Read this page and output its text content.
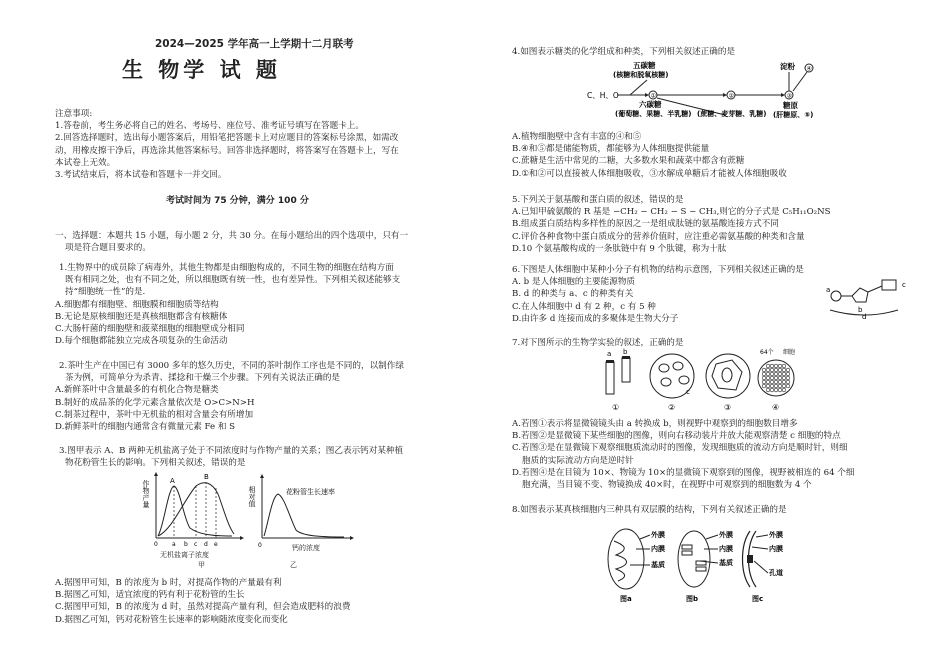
2024—2025 学年高一上学期十二月联考
生 物学 试 题

注意事项:

1.答卷前，考生务必将自己的姓名、考场号、座位号、准考证号填写在答题卡上。

2.回答选择题时，选出每小题答案后，用铅笔把答题卡上对应题目的答案标号涂黑，如需改

动，用橡皮擦干净后，再选涂其他答案标号。回答非选择题时，将答案写在答题卡上，写在

本试卷上无效。

3.考试结束后，将本试卷和答题卡一并交回。

考试时间为 75 分钟，满分 100 分

一、选择题：本题共 15 小题，每小题 2 分，共 30 分。在每小题给出的四个选项中，只有一

项是符合题目要求的。

1.生物界中的成员除了病毒外，其他生物都是由细胞构成的，不同生物的细胞在结构方面

既有相同之处，也有不同之处，所以细胞既有统一性，也有差异性。下列相关叙述能够支

持“细胞统一性”的是.

A.细胞都有细胞壁、细胞膜和细胞质等结构

B.无论是原核细胞还是真核细胞都含有核糖体

C.大肠杆菌的细胞壁和菠菜细胞的细胞壁成分相同

D.每个细胞都能独立完成各项复杂的生命活动

2.茶叶生产在中国已有 3000 多年的悠久历史，不同的茶叶制作工序也是不同的，以制作绿

茶为例，可简单分为杀青、揉捻和干燥三个步骤。下列有关说法正确的是

A.新鲜茶叶中含量最多的有机化合物是糖类

B.制好的成品茶的化学元素含量依次是 O>C>N>H

C.制茶过程中，茶叶中无机盐的相对含量会有所增加

D.新鲜茶叶的细胞内通常含有微量元素 Fe 和 S

3.图甲表示 A、B 两种无机盐离子处于不同浓度时与作物产量的关系；图乙表示钙对某种植

物花粉管生长的影响。下列相关叙述，错误的是

作物产量	A	B
0 a b c d e
无机盐离子浓度
甲
相对值	花粉管生长速率
0	钙的浓度
乙

A.据图甲可知，B 的浓度为 b 时，对提高作物的产量最有利

B.据图乙可知，适宜浓度的钙有利于花粉管的生长

C.据图甲可知，B 的浓度为 d 时，虽然对提高产量有利，但会造成肥料的浪费

D.据图乙可知，钙对花粉管生长速率的影响随浓度变化而变化

4.如图表示糖类的化学组成和种类，下列相关叙述正确的是
五碳糖
(核糖和脱氧核糖)
C、H、O	①	②	③
淀粉 ④
六碳糖
(葡萄糖、果糖、半乳糖) (蔗糖、麦芽糖、乳糖)
糖原
(肝糖原、⑤)

A.植物细胞壁中含有丰富的④和⑤

B.④和⑤都是储能物质，都能够为人体细胞提供能量

C.蔗糖是生活中常见的二糖，大多数水果和蔬菜中都含有蔗糖

D.①和②可以直接被人体细胞吸收，③水解成单糖后才能被人体细胞吸收

5.下列关于氨基酸和蛋白质的叙述，错误的是

A.已知甲硫氨酸的 R 基是 −CH₂ − CH₂ − S − CH₃,则它的分子式是 C₅H₁₁O₂NS

B.组成蛋白质结构多样性的原因之一是组成肽链的氨基酸连接方式不同

C.评价各种食物中蛋白质成分的营养价值时，应注重必需氨基酸的种类和含量

D.10 个氨基酸构成的一条肽链中有 9 个肽键，称为十肽

6.下图是人体细胞中某种小分子有机物的结构示意图，下列相关叙述正确的是

A. b 是人体细胞的主要能源物质

B. d 的种类与 a、c 的种类有关

C.在人体细胞中 d 有 2 种，c 有 5 种

D.由许多 d 连接而成的多聚体是生物大分子

a
b
c
d
7.对下图所示的生物学实验的叙述，正确的是
a b
①
c
②	③
64个 细胞
④

A.若图①表示将显微镜镜头由 a 转换成 b，则视野中观察到的细胞数目增多

B.若图②是显微镜下某些细胞的图像，则向右移动装片并放大能观察清楚 c 细胞的特点

C.若图③是在显微镜下观察细胞质流动时的图像，发现细胞质的流动方向是顺时针，则细

胞质的实际流动方向是逆时针

D.若图④是在目镜为 10×、物镜为 10×的显微镜下观察到的图像，视野被相连的 64 个细

胞充满，当目镜不变、物镜换成 40×时，在视野中可观察到的细胞数为 4 个

8.如图表示某真核细胞内三种具有双层膜的结构，下列有关叙述正确的是
外膜
内膜
基质
图a
外膜
内膜
基质
图b
外膜
内膜
孔道
图c
